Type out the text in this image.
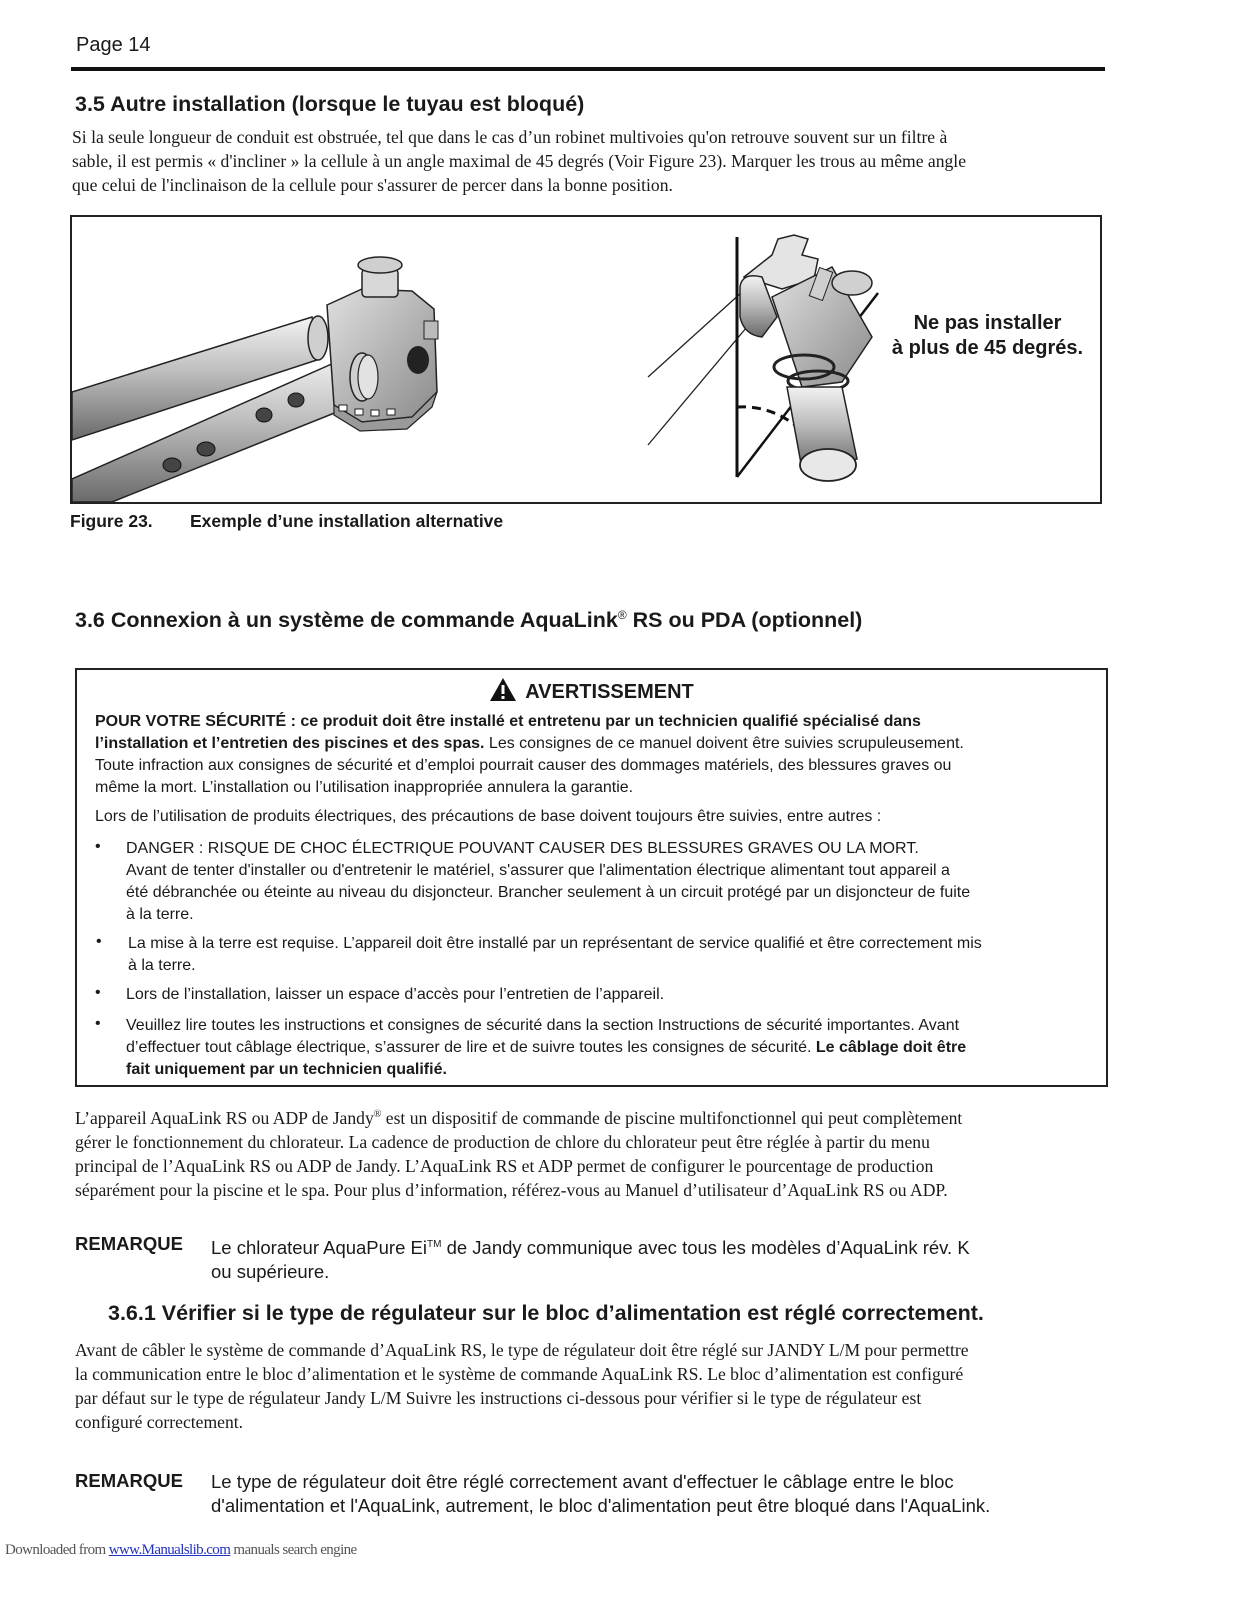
Page 14
3.5 Autre installation (lorsque le tuyau est bloqué)
Si la seule longueur de conduit est obstruée, tel que dans le cas d’un robinet multivoies qu'on retrouve souvent sur un filtre à
sable, il est permis « d'incliner » la cellule à un angle maximal de 45 degrés (Voir Figure 23). Marquer les trous au même angle
que celui de l'inclinaison de la cellule pour s'assurer de percer dans la bonne position.
Ne pas installer
à plus de 45 degrés.
Figure 23. Exemple d’une installation alternative
3.6 Connexion à un système de commande AquaLink® RS ou PDA (optionnel)
AVERTISSEMENT
POUR VOTRE SÉCURITÉ : ce produit doit être installé et entretenu par un technicien qualifié spécialisé dans
l’installation et l’entretien des piscines et des spas. Les consignes de ce manuel doivent être suivies scrupuleusement.
Toute infraction aux consignes de sécurité et d’emploi pourrait causer des dommages matériels, des blessures graves ou
même la mort. L’installation ou l’utilisation inappropriée annulera la garantie.
Lors de l’utilisation de produits électriques, des précautions de base doivent toujours être suivies, entre autres :
• DANGER : RISQUE DE CHOC ÉLECTRIQUE POUVANT CAUSER DES BLESSURES GRAVES OU LA MORT.
Avant de tenter d'installer ou d'entretenir le matériel, s'assurer que l'alimentation électrique alimentant tout appareil a
été débranchée ou éteinte au niveau du disjoncteur. Brancher seulement à un circuit protégé par un disjoncteur de fuite
à la terre.
• La mise à la terre est requise. L’appareil doit être installé par un représentant de service qualifié et être correctement mis
à la terre.
• Lors de l’installation, laisser un espace d’accès pour l’entretien de l’appareil.
• Veuillez lire toutes les instructions et consignes de sécurité dans la section Instructions de sécurité importantes. Avant
d’effectuer tout câblage électrique, s’assurer de lire et de suivre toutes les consignes de sécurité. Le câblage doit être
fait uniquement par un technicien qualifié.
L’appareil AquaLink RS ou ADP de Jandy® est un dispositif de commande de piscine multifonctionnel qui peut complètement
gérer le fonctionnement du chlorateur. La cadence de production de chlore du chlorateur peut être réglée à partir du menu
principal de l’AquaLink RS ou ADP de Jandy. L’AquaLink RS et ADP permet de configurer le pourcentage de production
séparément pour la piscine et le spa. Pour plus d’information, référez-vous au Manuel d’utilisateur d’AquaLink RS ou ADP.
REMARQUE Le chlorateur AquaPure Ei™ de Jandy communique avec tous les modèles d’AquaLink rév. K
ou supérieure.
3.6.1 Vérifier si le type de régulateur sur le bloc d’alimentation est réglé correctement.
Avant de câbler le système de commande d’AquaLink RS, le type de régulateur doit être réglé sur JANDY L/M pour permettre
la communication entre le bloc d’alimentation et le système de commande AquaLink RS. Le bloc d’alimentation est configuré
par défaut sur le type de régulateur Jandy L/M Suivre les instructions ci-dessous pour vérifier si le type de régulateur est
configuré correctement.
REMARQUE Le type de régulateur doit être réglé correctement avant d'effectuer le câblage entre le bloc
d'alimentation et l'AquaLink, autrement, le bloc d'alimentation peut être bloqué dans l'AquaLink.
Downloaded from www.Manualslib.com manuals search engine
